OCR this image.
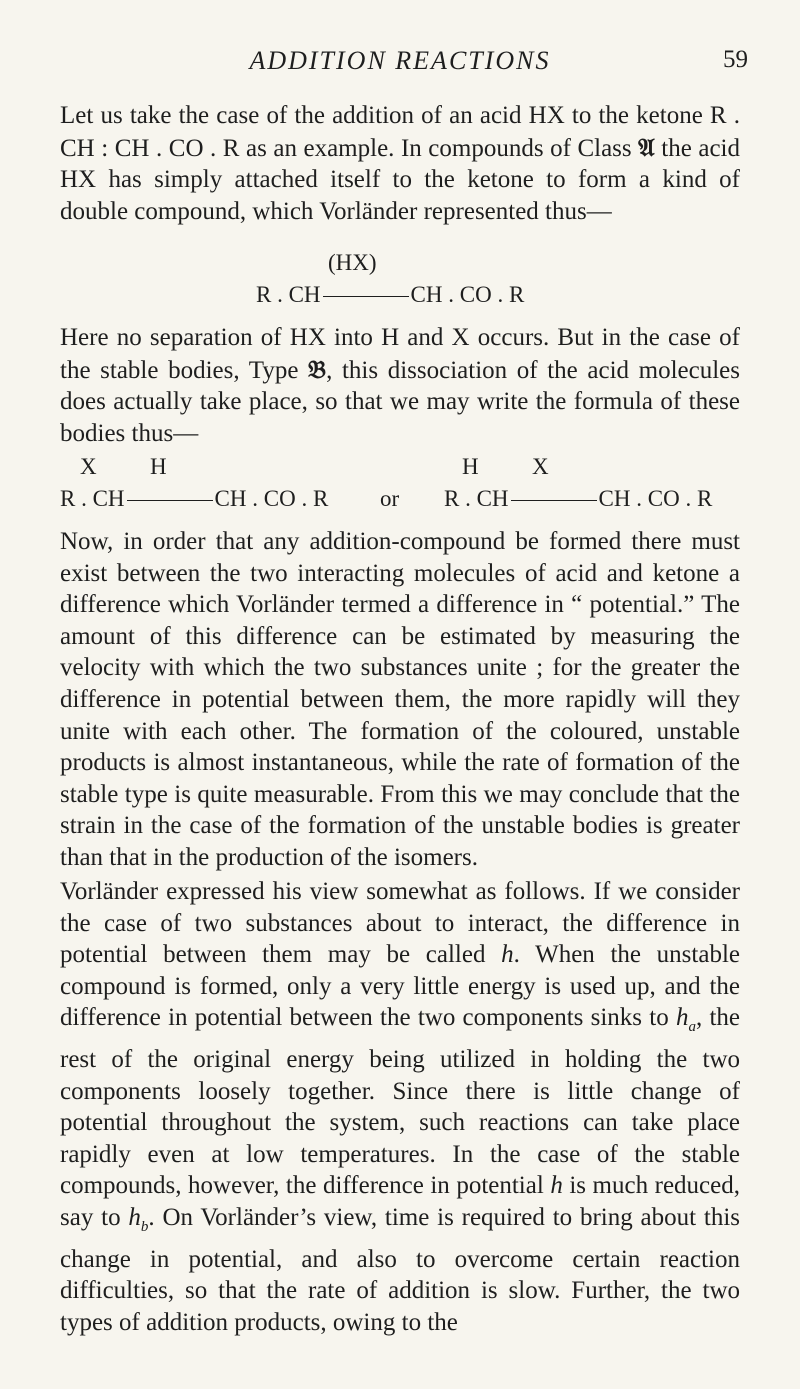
ADDITION REACTIONS	59

Let us take the case of the addition of an acid HX to the ketone R . CH : CH . CO . R as an example. In compounds of Class 𝔄 the acid HX has simply attached itself to the ketone to form a kind of double compound, which Vorländer represented thus—

(HX)
R . CH	CH . CO . R

Here no separation of HX into H and X occurs. But in the case of the stable bodies, Type 𝔅, this dissociation of the acid molecules does actually take place, so that we may write the formula of these bodies thus—

X H	H X
R . CH	CH . CO . R or R . CH	CH . CO . R

Now, in order that any addition-compound be formed there must exist between the two interacting molecules of acid and ketone a difference which Vorländer termed a difference in “ potential.” The amount of this difference can be estimated by measuring the velocity with which the two substances unite ; for the greater the difference in potential between them, the more rapidly will they unite with each other. The formation of the coloured, unstable products is almost instantaneous, while the rate of formation of the stable type is quite measurable. From this we may conclude that the strain in the case of the formation of the unstable bodies is greater than that in the production of the isomers.

Vorländer expressed his view somewhat as follows. If we consider the case of two substances about to interact, the difference in potential between them may be called h. When the unstable compound is formed, only a very little energy is used up, and the difference in potential between the two components sinks to $h_a$, the rest of the original energy being utilized in holding the two components loosely together. Since there is little change of potential throughout the system, such reactions can take place rapidly even at low temperatures. In the case of the stable compounds, however, the difference in potential h is much reduced, say to $h_b$. On Vorländer’s view, time is required to bring about this change in potential, and also to overcome certain reaction difficulties, so that the rate of addition is slow. Further, the two types of addition products, owing to the
